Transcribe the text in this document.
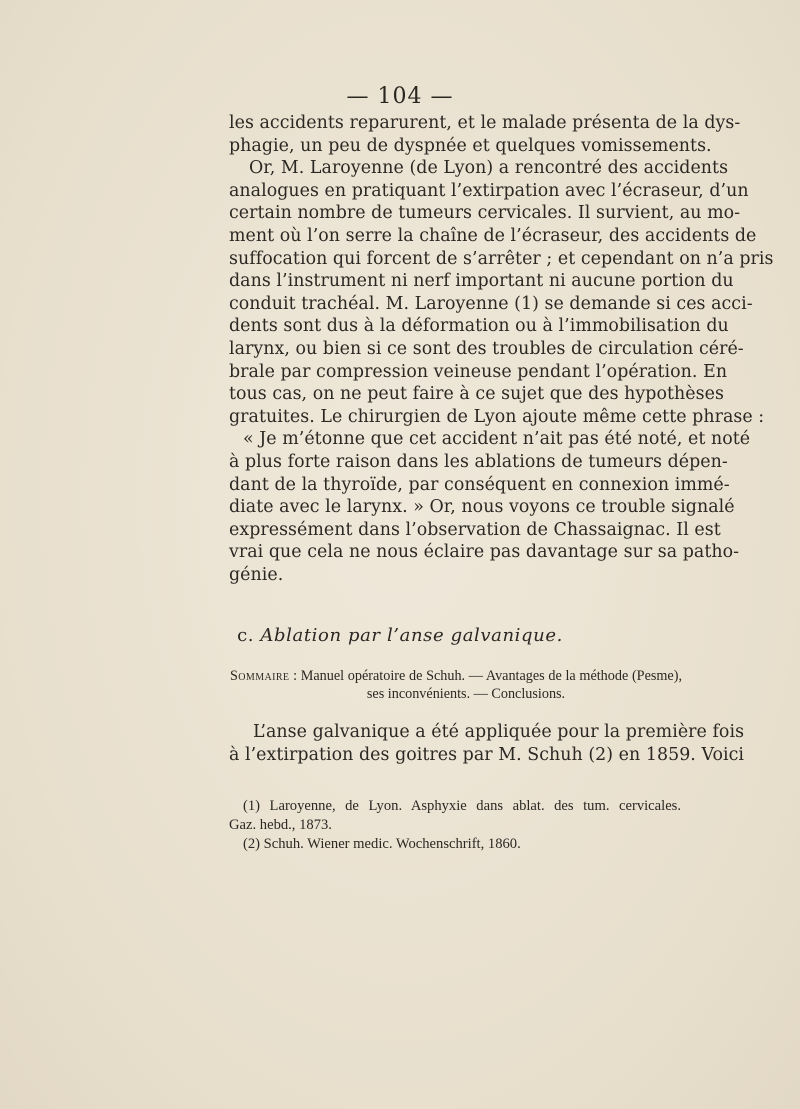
— 104 —
les accidents reparurent, et le malade présenta de la dys-
phagie, un peu de dyspnée et quelques vomissements.
Or, M. Laroyenne (de Lyon) a rencontré des accidents
analogues en pratiquant l’extirpation avec l’écraseur, d’un
certain nombre de tumeurs cervicales. Il survient, au mo-
ment où l’on serre la chaîne de l’écraseur, des accidents de
suffocation qui forcent de s’arrêter ; et cependant on n’a pris
dans l’instrument ni nerf important ni aucune portion du
conduit trachéal. M. Laroyenne (1) se demande si ces acci-
dents sont dus à la déformation ou à l’immobilisation du
larynx, ou bien si ce sont des troubles de circulation céré-
brale par compression veineuse pendant l’opération. En
tous cas, on ne peut faire à ce sujet que des hypothèses
gratuites. Le chirurgien de Lyon ajoute même cette phrase :
« Je m’étonne que cet accident n’ait pas été noté, et noté
à plus forte raison dans les ablations de tumeurs dépen-
dant de la thyroïde, par conséquent en connexion immé-
diate avec le larynx. » Or, nous voyons ce trouble signalé
expressément dans l’observation de Chassaignac. Il est
vrai que cela ne nous éclaire pas davantage sur sa patho-
génie.
c. Ablation par l’anse galvanique.
Sommaire : Manuel opératoire de Schuh. — Avantages de la méthode (Pesme),
ses inconvénients. — Conclusions.
L’anse galvanique a été appliquée pour la première fois
à l’extirpation des goitres par M. Schuh (2) en 1859. Voici
(1) Laroyenne, de Lyon. Asphyxie dans ablat. des tum. cervicales.
Gaz. hebd., 1873.
(2) Schuh. Wiener medic. Wochenschrift, 1860.
